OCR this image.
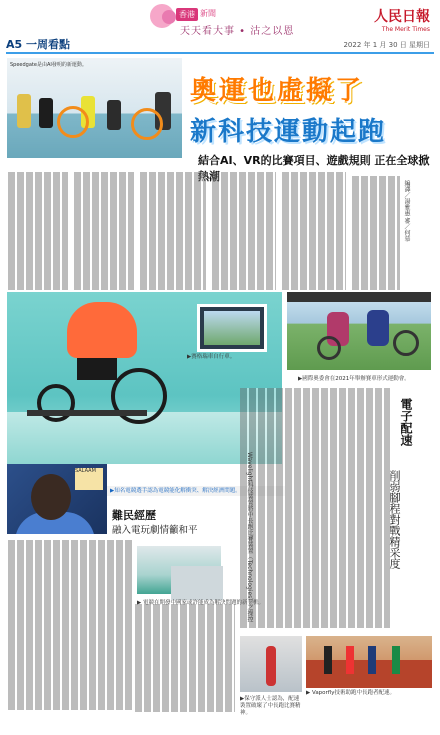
香港 新聞
天天看大事 • 沽之以恩
人民日報
The Merit Times
A5 一周看點	2022 年 1 月 30 日 星期日
Speedgate是由AI發明的新運動。
奧運也虛擬了
新科技運動起跑
結合AI、VR的比賽項目、遊戲規則 正在全球掀熱潮
編譯／湯雅惠 審／何慕
▶賽格瑞車自行車。
▶國際奧委會在2021年舉辦賽車形式運動會。
SALAAM
▶知名電競選手認為電競能化解衝突、解決經濟問題。
難民經歷
融入電玩劇情籲和平
▶ 電競在開發中國家或許能成為解決問題的新契機。
電子配速
削弱腳程對戰精采度
Wavelight科技裝置將中長跑比賽裝置（Technologies）之操控
▶保守派人士認為，配速裝置破壞了中長跑比賽精神。
▶ Vaporfly技術助跑中長跑者配速。
